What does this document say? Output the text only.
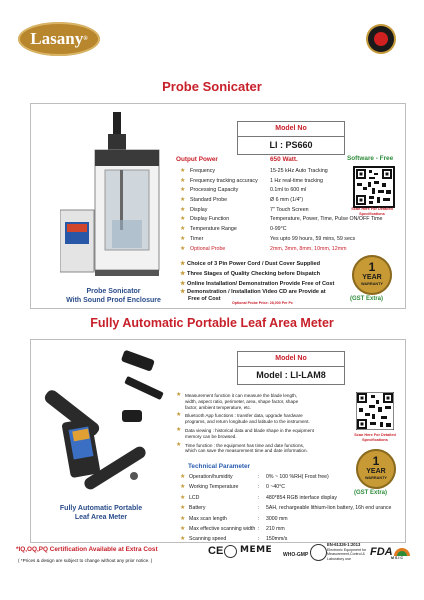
Lasany ®
Probe Sonicater
Probe Sonicator
With Sound Proof Enclosure
Model No
LI : PS660
Output Power	650 Watt.
★ Frequency	15-25 kHz Auto Tracking
★ Frequency tracking accuracy 1 Hz real-time tracking
★ Processing Capacity	0.1ml to 600 ml
★ Standard Probe	Ø 6 mm (1/4")
★ Display	7" Touch Screen
★ Display Function	Temperature, Power, Time, Pulse ON/OFF Time
★ Temperature Range	0-99°C
★ Timer	Yes upto 99 hours, 59 mins, 59 secs
★ Optional Probe	2mm, 3mm, 8mm, 10mm, 12mm
★ Choice of 3 Pin Power Cord / Dust Cover Supplied
★ Three Stages of Quality Checking before Dispatch
★ Online Installation/ Demonstration Provide Free of Cost
★ Demonstration / Installation Video CD are Provide at
Free of Cost
Optional Probe Price: 28,000 Per Pc
Software - Free
Scan Here For Detailed Specifications
1
YEAR
WARRANTY
(GST Extra)
Fully Automatic Portable Leaf Area Meter
Fully Automatic Portable
Leaf Area Meter
Model No
Model : LI-LAM8
★ Measurement function it can measure the blade length,
width, aspect ratio, perimeter, area, shape factor, shape
factor, ambient temperature, etc.
★ Bluetooth App functions : transfer data, upgrade hardware
programs, and return longitude and latitude to the instrument.
★ Data viewing : historical data and blade shape in the equipment
memory can be browsed.
★ Time function : the equipment has time and date functions,
which can save the measurement time and date information.
Technical Parameter
★ Operation/humidity	: 0% ~ 100 %RH( Frost free)
★ Working Temperature	: 0 ~40°C
★ LCD	: 480*854 RGB interface display
★ Battery	: 5AH, rechargeable lithium-lion battery, 16h end urance
★ Max scan length	: 3000 mm
★ Max effective scanning width : 210 mm
★ Scanning speed	: 150mm/s
Scan Here For Detailed Specifications
1
YEAR
WARRANTY
(GST Extra)
*IQ,OQ,PQ Certification Available at Extra Cost
( *Prices & design are subject to change without any prior notice. )
CE MEME WHO-GMP
EN-61326-1:2013
Electronic Equipment for
Measurement,Control &
Laboratory use
FDA
M S I C
